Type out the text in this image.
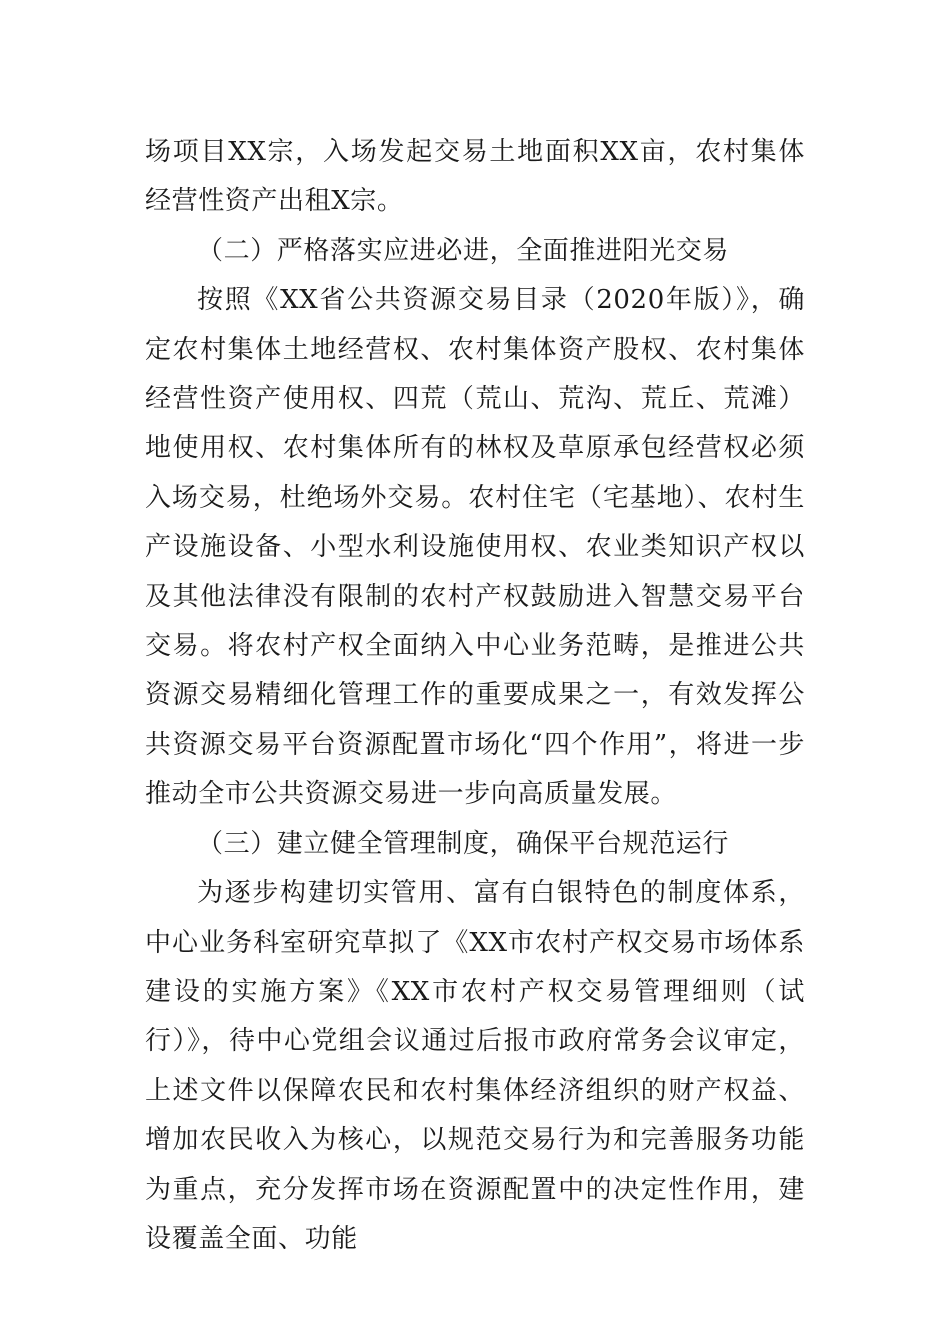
场项目XX宗，入场发起交易土地面积XX亩，农村集体经营性资产出租X宗。

（二）严格落实应进必进，全面推进阳光交易

按照《XX省公共资源交易目录（2020年版）》，确定农村集体土地经营权、农村集体资产股权、农村集体经营性资产使用权、四荒（荒山、荒沟、荒丘、荒滩）地使用权、农村集体所有的林权及草原承包经营权必须入场交易，杜绝场外交易。农村住宅（宅基地）、农村生产设施设备、小型水利设施使用权、农业类知识产权以及其他法律没有限制的农村产权鼓励进入智慧交易平台交易。将农村产权全面纳入中心业务范畴，是推进公共资源交易精细化管理工作的重要成果之一，有效发挥公共资源交易平台资源配置市场化“四个作用”，将进一步推动全市公共资源交易进一步向高质量发展。

（三）建立健全管理制度，确保平台规范运行

为逐步构建切实管用、富有白银特色的制度体系，中心业务科室研究草拟了《XX市农村产权交易市场体系建设的实施方案》《XX市农村产权交易管理细则（试行）》，待中心党组会议通过后报市政府常务会议审定，上述文件以保障农民和农村集体经济组织的财产权益、增加农民收入为核心，以规范交易行为和完善服务功能为重点，充分发挥市场在资源配置中的决定性作用，建设覆盖全面、功能
